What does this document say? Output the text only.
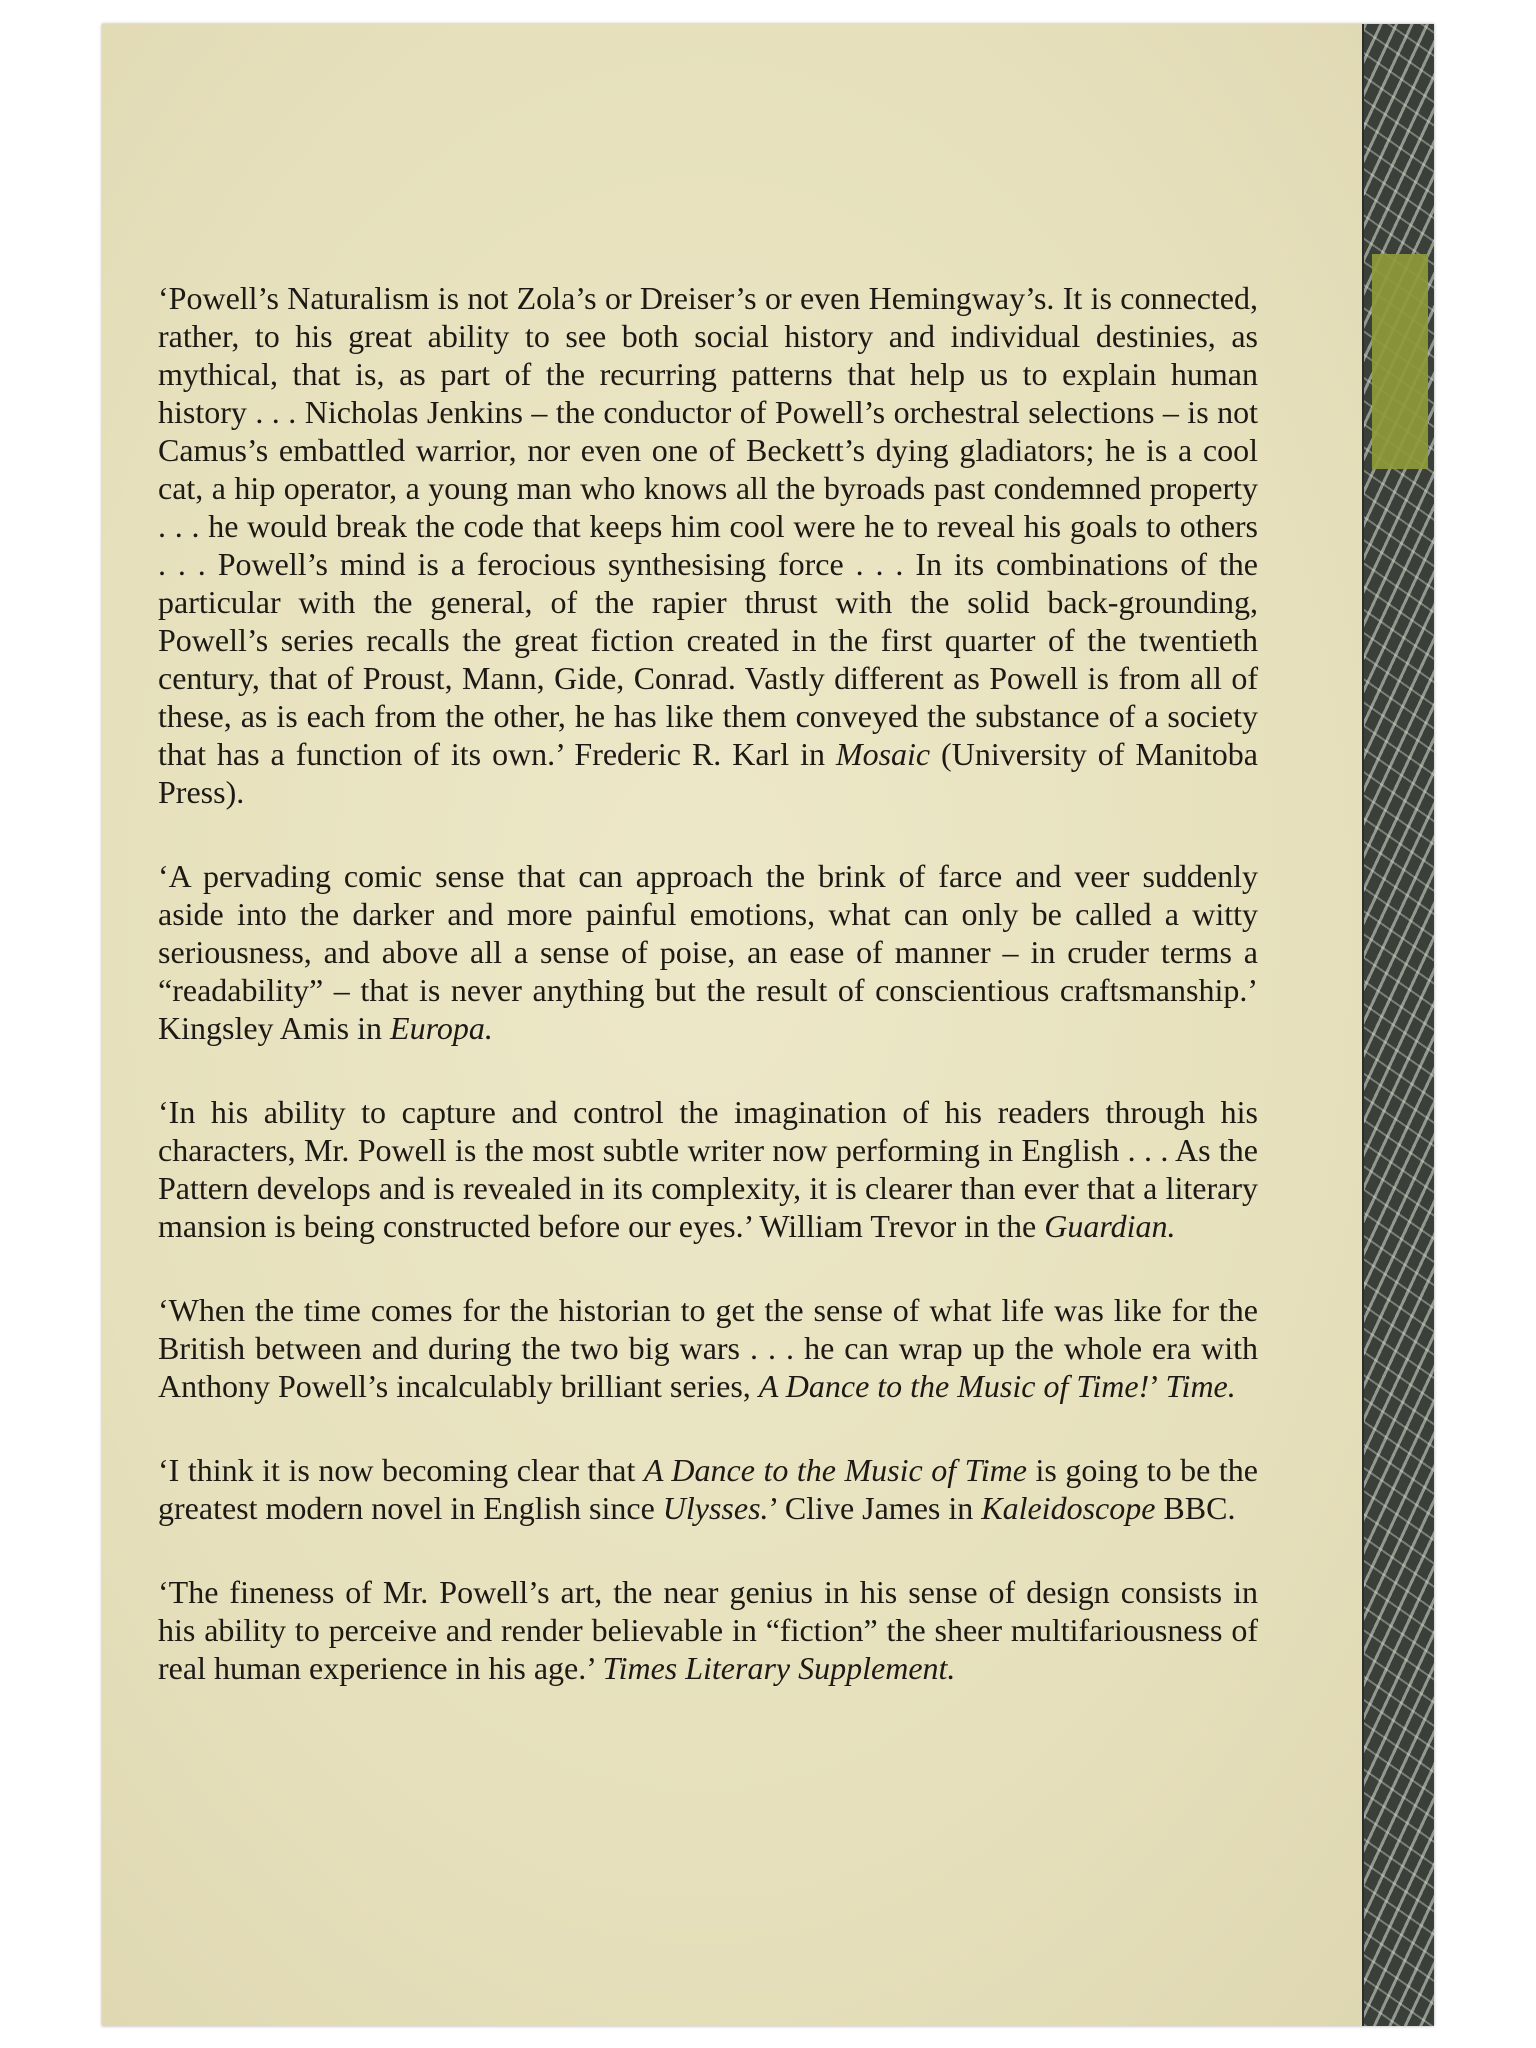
‘Powell’s Naturalism is not Zola’s or Dreiser’s or even Hemingway’s. It is connected, rather, to his great ability to see both social history and individual destinies, as mythical, that is, as part of the recurring patterns that help us to explain human history . . . Nicholas Jenkins – the conductor of Powell’s orchestral selections – is not Camus’s embattled warrior, nor even one of Beckett’s dying gladiators; he is a cool cat, a hip operator, a young man who knows all the byroads past condemned property . . . he would break the code that keeps him cool were he to reveal his goals to others . . . Powell’s mind is a ferocious synthesising force . . . In its combinations of the particular with the general, of the rapier thrust with the solid back-grounding, Powell’s series recalls the great fiction created in the first quarter of the twentieth century, that of Proust, Mann, Gide, Conrad. Vastly different as Powell is from all of these, as is each from the other, he has like them conveyed the substance of a society that has a function of its own.’ Frederic R. Karl in Mosaic (University of Manitoba Press).

‘A pervading comic sense that can approach the brink of farce and veer suddenly aside into the darker and more painful emotions, what can only be called a witty seriousness, and above all a sense of poise, an ease of manner – in cruder terms a “readability” – that is never anything but the result of conscientious craftsmanship.’ Kingsley Amis in Europa.

‘In his ability to capture and control the imagination of his readers through his characters, Mr. Powell is the most subtle writer now performing in English . . . As the Pattern develops and is revealed in its complexity, it is clearer than ever that a literary mansion is being constructed before our eyes.’ William Trevor in the Guardian.

‘When the time comes for the historian to get the sense of what life was like for the British between and during the two big wars . . . he can wrap up the whole era with Anthony Powell’s incalculably brilliant series, A Dance to the Music of Time!’ Time.

‘I think it is now becoming clear that A Dance to the Music of Time is going to be the greatest modern novel in English since Ulysses.’ Clive James in Kaleidoscope BBC.

‘The fineness of Mr. Powell’s art, the near genius in his sense of design consists in his ability to perceive and render believable in “fiction” the sheer multifariousness of real human experience in his age.’ Times Literary Supplement.
